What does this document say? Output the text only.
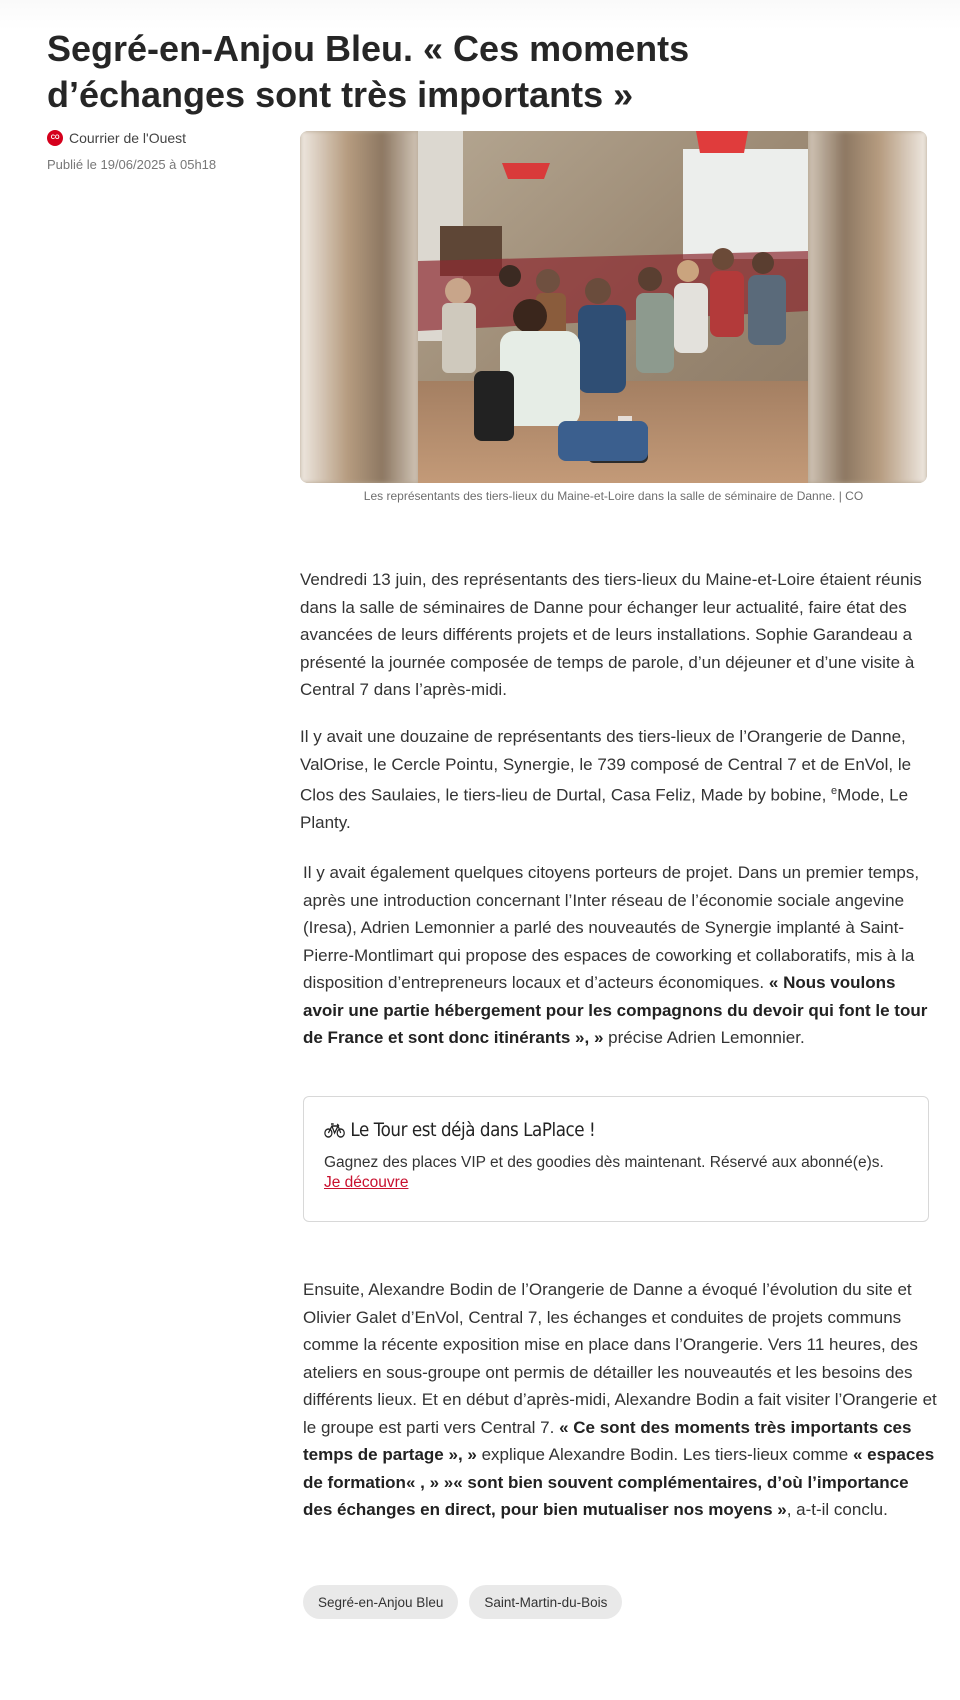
Segré-en-Anjou Bleu. « Ces moments d’échanges sont très importants »
CO Courrier de l'Ouest
Publié le 19/06/2025 à 05h18
Les représentants des tiers-lieux du Maine-et-Loire dans la salle de séminaire de Danne. | CO

Vendredi 13 juin, des représentants des tiers-lieux du Maine-et-Loire étaient réunis dans la salle de séminaires de Danne pour échanger leur actualité, faire état des avancées de leurs différents projets et de leurs installations. Sophie Garandeau a présenté la journée composée de temps de parole, d’un déjeuner et d’une visite à Central 7 dans l’après-midi.

Il y avait une douzaine de représentants des tiers-lieux de l’Orangerie de Danne, ValOrise, le Cercle Pointu, Synergie, le 739 composé de Central 7 et de EnVol, le Clos des Saulaies, le tiers-lieu de Durtal, Casa Feliz, Made by bobine, $^e$Mode, Le Planty.

Il y avait également quelques citoyens porteurs de projet. Dans un premier temps, après une introduction concernant l’Inter réseau de l’économie sociale angevine (Iresa), Adrien Lemonnier a parlé des nouveautés de Synergie implanté à Saint-Pierre-Montlimart qui propose des espaces de coworking et collaboratifs, mis à la disposition d’entrepreneurs locaux et d’acteurs économiques. « Nous voulons avoir une partie hébergement pour les compagnons du devoir qui font le tour de France et sont donc itinérants », » précise Adrien Lemonnier.

Le Tour est déjà dans LaPlace !
Gagnez des places VIP et des goodies dès maintenant. Réservé aux abonné(e)s.
Je découvre

Ensuite, Alexandre Bodin de l’Orangerie de Danne a évoqué l’évolution du site et Olivier Galet d’EnVol, Central 7, les échanges et conduites de projets communs comme la récente exposition mise en place dans l’Orangerie. Vers 11 heures, des ateliers en sous-groupe ont permis de détailler les nouveautés et les besoins des différents lieux. Et en début d’après-midi, Alexandre Bodin a fait visiter l’Orangerie et le groupe est parti vers Central 7. « Ce sont des moments très importants ces temps de partage », » explique Alexandre Bodin. Les tiers-lieux comme « espaces de formation« , » »« sont bien souvent complémentaires, d’où l’importance des échanges en direct, pour bien mutualiser nos moyens », a-t-il conclu.

Segré-en-Anjou Bleu	Saint-Martin-du-Bois
